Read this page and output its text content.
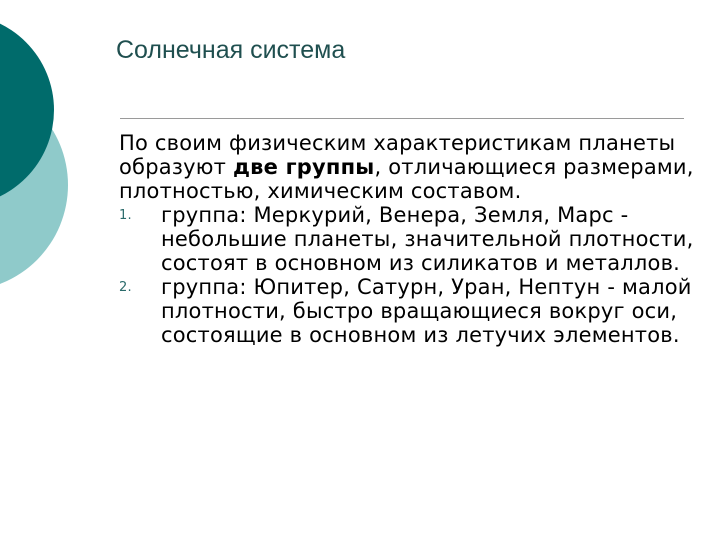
Солнечная система

По своим физическим характеристикам планеты образуют две группы, отличающиеся размерами, плотностью, химическим составом.

1. группа: Меркурий, Венера, Земля, Марс - небольшие планеты, значительной плотности, состоят в основном из силикатов и металлов.
2. группа: Юпитер, Сатурн, Уран, Нептун - малой плотности, быстро вращающиеся вокруг оси, состоящие в основном из летучих элементов.
